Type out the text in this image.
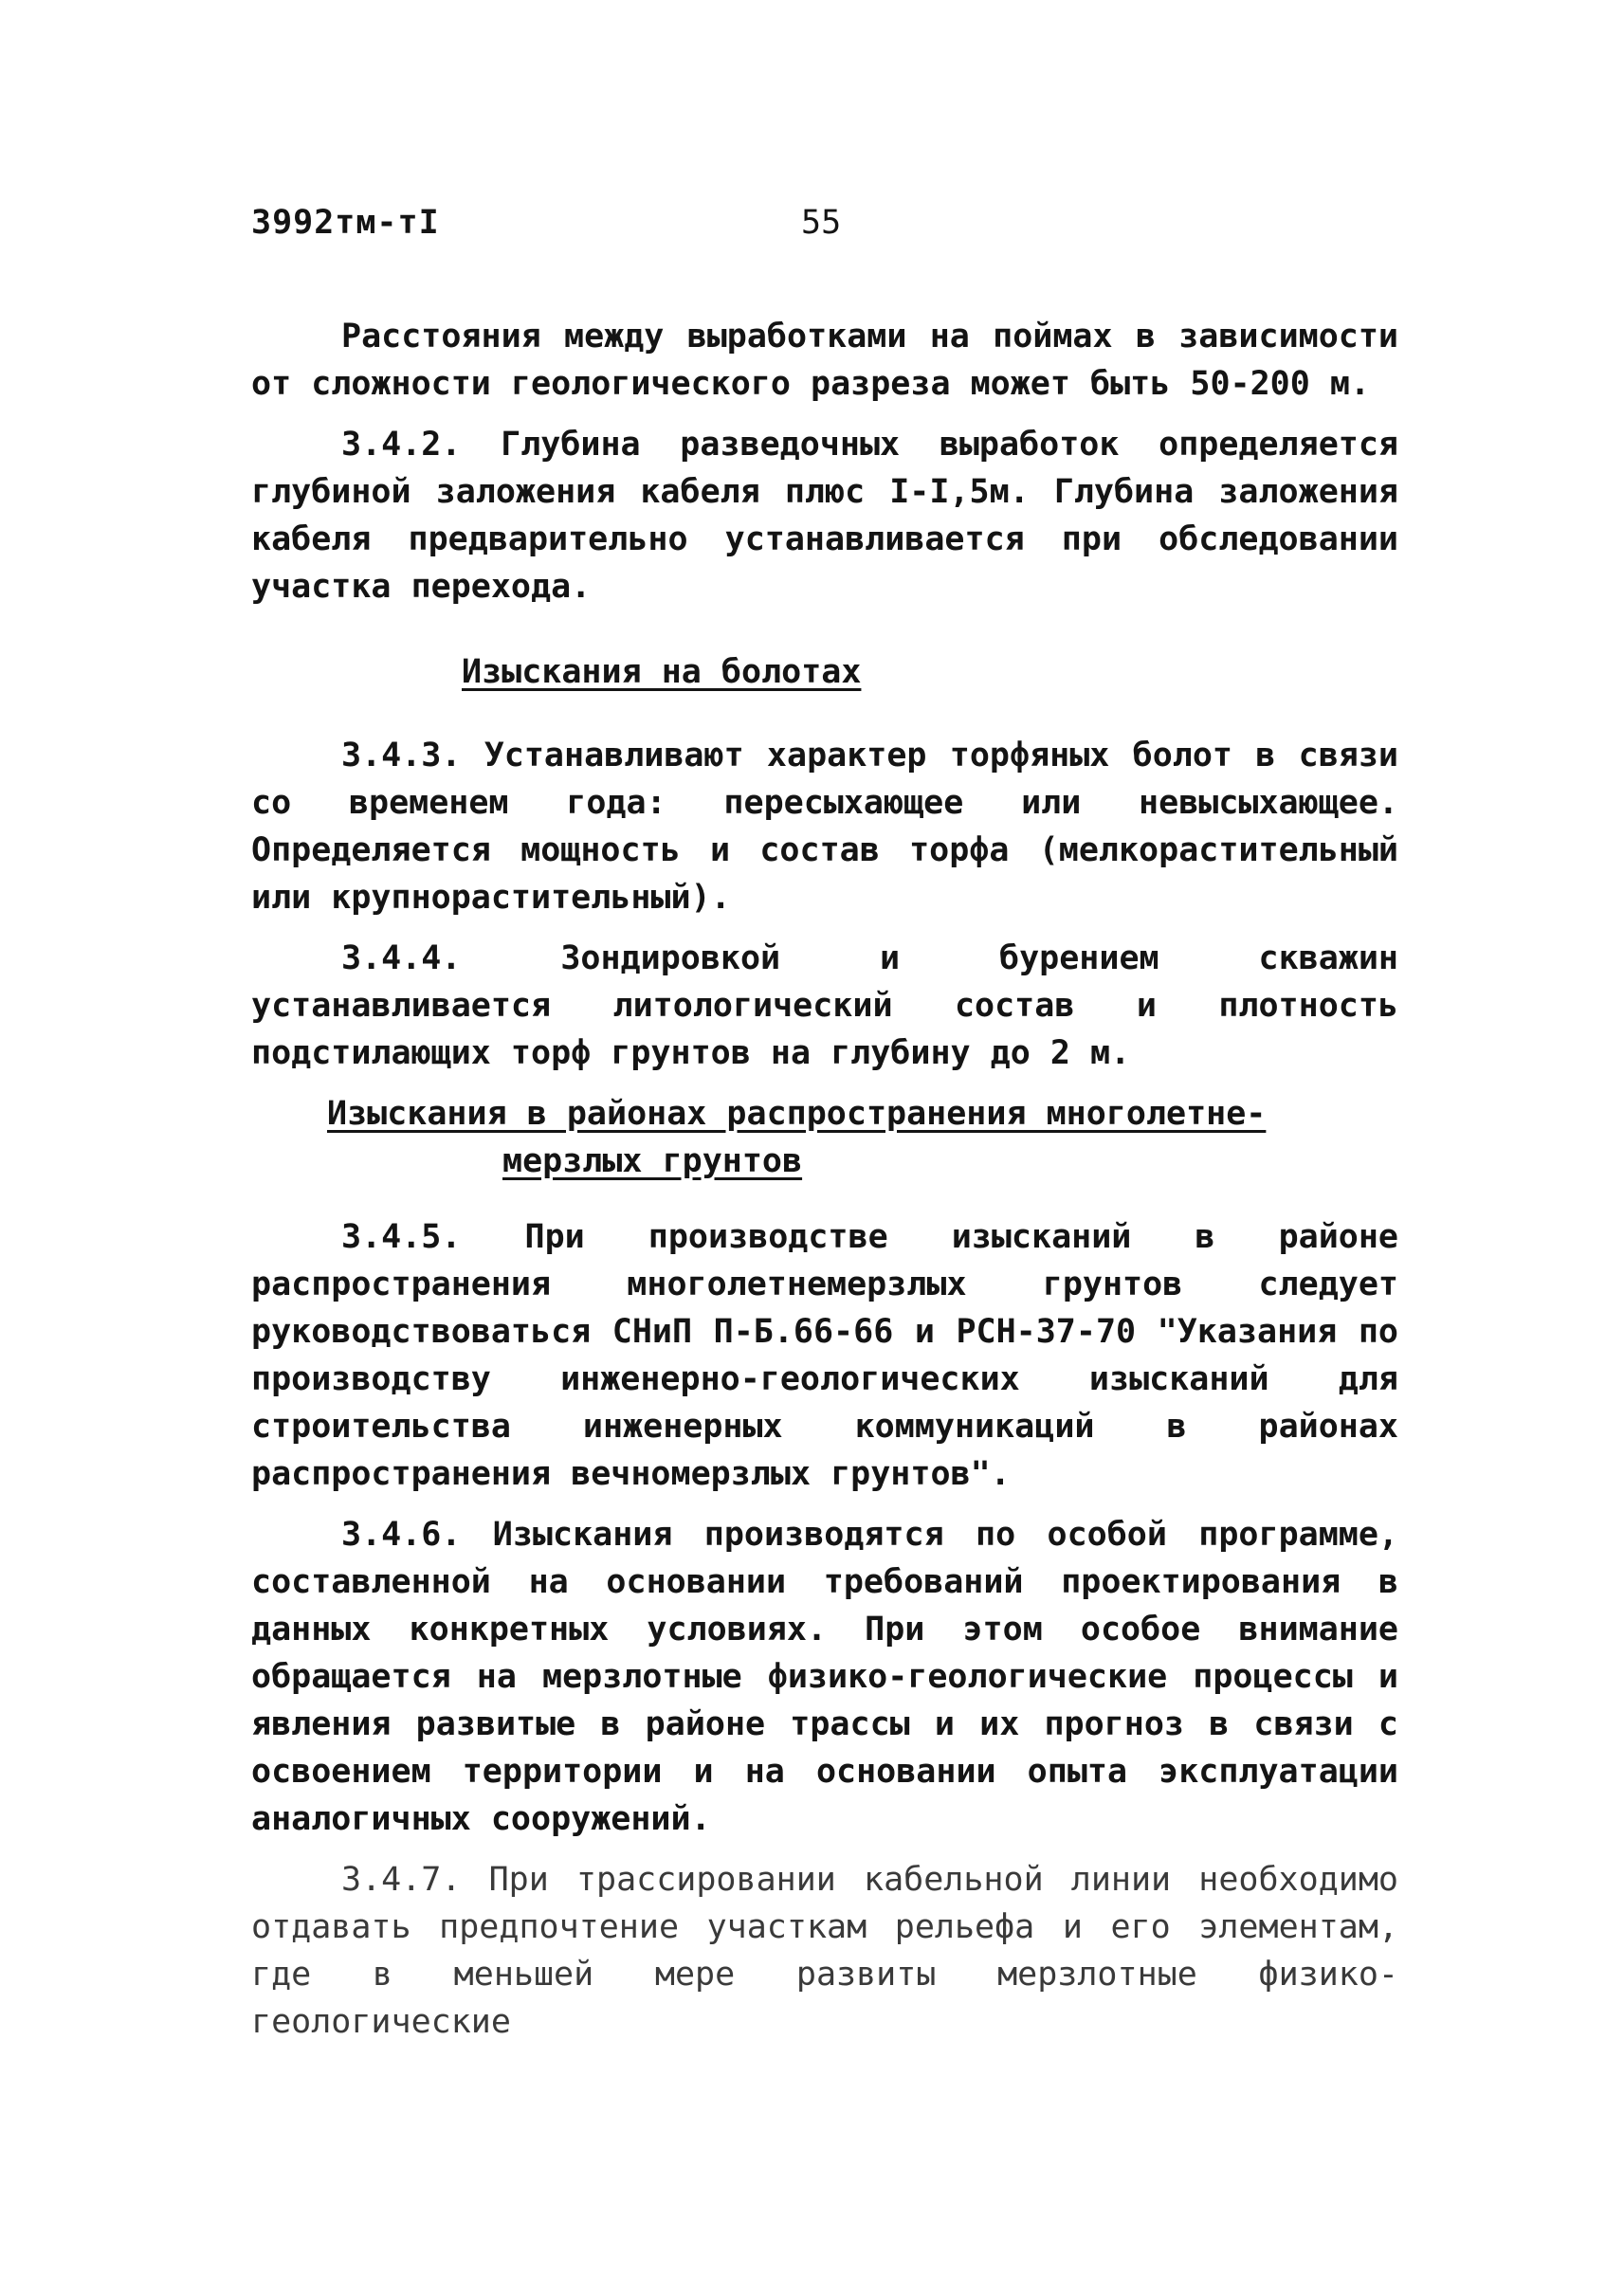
3992тм-тI	55

Расстояния между выработками на поймах в зависимости от сложности геологического разреза может быть 50-200 м.

3.4.2. Глубина разведочных выработок определяется глубиной заложения кабеля плюс I-I,5м. Глубина заложения кабеля предварительно устанавливается при обследовании участка перехода.

Изыскания на болотах

3.4.3. Устанавливают характер торфяных болот в связи со временем года: пересыхающее или невысыхающее. Определяется мощность и состав торфа (мелкорастительный или крупнорастительный).

3.4.4. Зондировкой и бурением скважин устанавливается литологический состав и плотность подстилающих торф грунтов на глубину до 2 м.

Изыскания в районах распространения многолетне-

мерзлых грунтов

3.4.5. При производстве изысканий в районе распространения многолетнемерзлых грунтов следует руководствоваться СНиП П-Б.66-66 и РСН-37-70 "Указания по производству инженерно-геологических изысканий для строительства инженерных коммуникаций в районах распространения вечномерзлых грунтов".

3.4.6. Изыскания производятся по особой программе, составленной на основании требований проектирования в данных конкретных условиях. При этом особое внимание обращается на мерзлотные физико-геологические процессы и явления развитые в районе трассы и их прогноз в связи с освоением территории и на основании опыта эксплуатации аналогичных сооружений.

3.4.7. При трассировании кабельной линии необходимо отдавать предпочтение участкам рельефа и его элементам, где в меньшей мере развиты мерзлотные физико-геологические
